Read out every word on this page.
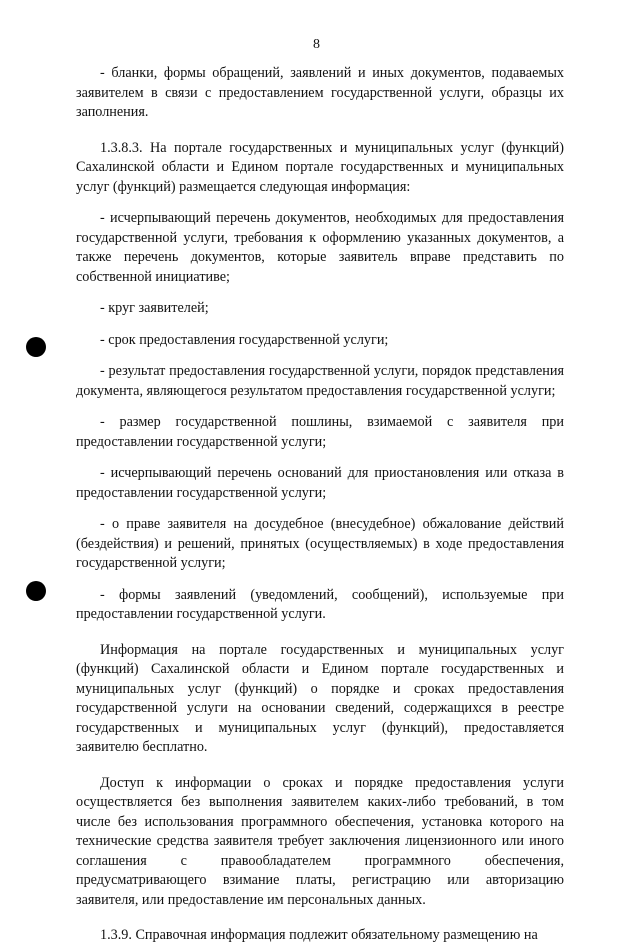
8

- бланки, формы обращений, заявлений и иных документов, подаваемых заявителем в связи с предоставлением государственной услуги, образцы их заполнения.

1.3.8.3. На портале государственных и муниципальных услуг (функций) Сахалинской области и Едином портале государственных и муниципальных услуг (функций) размещается следующая информация:

- исчерпывающий перечень документов, необходимых для предоставления государственной услуги, требования к оформлению указанных документов, а также перечень документов, которые заявитель вправе представить по собственной инициативе;

- круг заявителей;

- срок предоставления государственной услуги;

- результат предоставления государственной услуги, порядок представления документа, являющегося результатом предоставления государственной услуги;

- размер государственной пошлины, взимаемой с заявителя при предоставлении государственной услуги;

- исчерпывающий перечень оснований для приостановления или отказа в предоставлении государственной услуги;

- о праве заявителя на досудебное (внесудебное) обжалование действий (бездействия) и решений, принятых (осуществляемых) в ходе предоставления государственной услуги;

- формы заявлений (уведомлений, сообщений), используемые при предоставлении государственной услуги.

Информация на портале государственных и муниципальных услуг (функций) Сахалинской области и Едином портале государственных и муниципальных услуг (функций) о порядке и сроках предоставления государственной услуги на основании сведений, содержащихся в реестре государственных и муниципальных услуг (функций), предоставляется заявителю бесплатно.

Доступ к информации о сроках и порядке предоставления услуги осуществляется без выполнения заявителем каких-либо требований, в том числе без использования программного обеспечения, установка которого на технические средства заявителя требует заключения лицензионного или иного соглашения с правообладателем программного обеспечения, предусматривающего взимание платы, регистрацию или авторизацию заявителя, или предоставление им персональных данных.

1.3.9. Справочная информация подлежит обязательному размещению на
